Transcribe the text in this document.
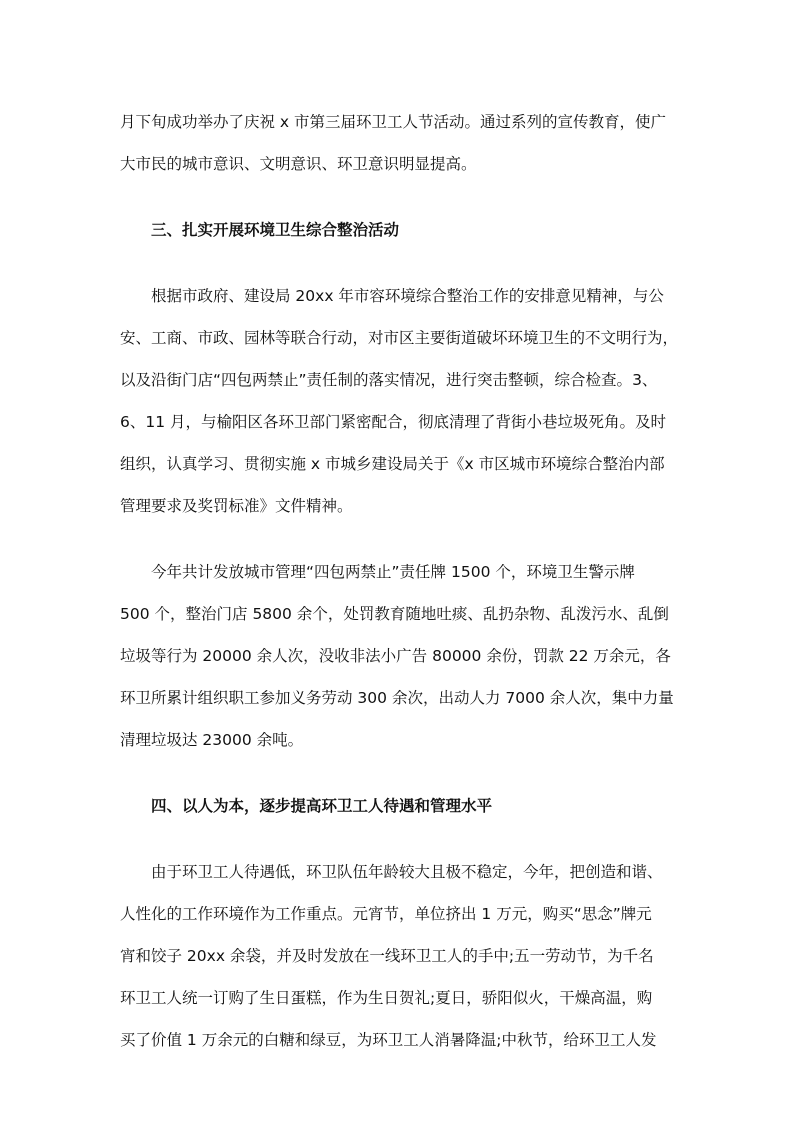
月下旬成功举办了庆祝 x 市第三届环卫工人节活动。通过系列的宣传教育，使广
大市民的城市意识、文明意识、环卫意识明显提高。
三、扎实开展环境卫生综合整治活动
根据市政府、建设局 20xx 年市容环境综合整治工作的安排意见精神，与公
安、工商、市政、园林等联合行动，对市区主要街道破坏环境卫生的不文明行为，
以及沿街门店“四包两禁止”责任制的落实情况，进行突击整顿，综合检查。3、
6、11 月，与榆阳区各环卫部门紧密配合，彻底清理了背街小巷垃圾死角。及时
组织，认真学习、贯彻实施 x 市城乡建设局关于《x 市区城市环境综合整治内部
管理要求及奖罚标准》文件精神。
今年共计发放城市管理“四包两禁止”责任牌 1500 个，环境卫生警示牌
500 个，整治门店 5800 余个，处罚教育随地吐痰、乱扔杂物、乱泼污水、乱倒
垃圾等行为 20000 余人次，没收非法小广告 80000 余份，罚款 22 万余元，各
环卫所累计组织职工参加义务劳动 300 余次，出动人力 7000 余人次，集中力量
清理垃圾达 23000 余吨。
四、以人为本，逐步提高环卫工人待遇和管理水平
由于环卫工人待遇低，环卫队伍年龄较大且极不稳定，今年，把创造和谐、
人性化的工作环境作为工作重点。元宵节，单位挤出 1 万元，购买“思念”牌元
宵和饺子 20xx 余袋，并及时发放在一线环卫工人的手中;五一劳动节，为千名
环卫工人统一订购了生日蛋糕，作为生日贺礼;夏日，骄阳似火，干燥高温，购
买了价值 1 万余元的白糖和绿豆，为环卫工人消暑降温;中秋节，给环卫工人发
